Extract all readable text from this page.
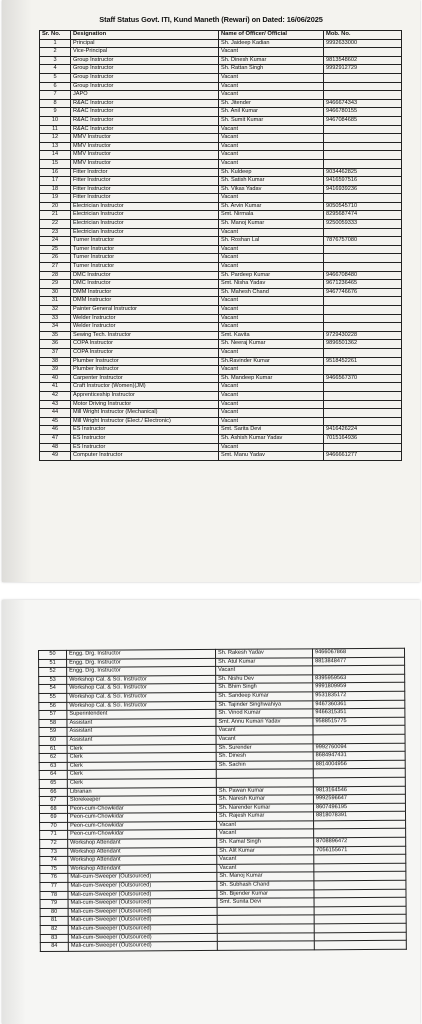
Staff Status Govt. ITI, Kund Maneth (Rewari) on Dated: 16/06/2025
Sr. No.	Designation	Name of Officer/ Official	Mob. No.
1	Principal	Sh. Jaideep Kadian	9992633000
2	Vice-Principal	Vacant	
3	Group Instructor	Sh. Dinesh Kumar	9813548602
4	Group Instructor	Sh. Rattan Singh	9992912729
5	Group Instructor	Vacant	
6	Group Instructor	Vacant	
7	JAPO	Vacant	
8	R&AC Instructor	Sh. Jitender	9466674343
9	R&AC Instructor	Sh. Anil Kumar	9466780155
10	R&AC Instructor	Sh. Sumit Kumar	9467084685
11	R&AC Instructor	Vacant	
12	MMV Instructor	Vacant	
13	MMV Instructor	Vacant	
14	MMV Instructor	Vacant	
15	MMV Instructor	Vacant	
16	Fitter Instrctor	Sh. Kuldeep	9034462825
17	Fitter Instructor	Sh. Satish Kumar	9416597516
18	Fitter Instructor	Sh. Vikas Yadav	9416939236
19	Fitter Instructor	Vacant	
20	Electrician Instructor	Sh. Arvin Kumar	9050545710
21	Electrician Instructor	Smt. Nirmala	8295687474
22	Electrician Instructor	Sh. Manoj Kumar	9250059333
23	Electrician Instructor	Vacant	
24	Turner Instructor	Sh. Roshan Lal	7876757080
25	Turner Instructor	Vacant	
26	Turner Instructor	Vacant	
27	Turner Instructor	Vacant	
28	DMC Instructor	Sh. Pardeep Kumar	9466708480
29	DMC Instructor	Smt. Nisha Yadav	9671236465
30	DMM Instructor	Sh. Mahesh Chand	9467746676
31	DMM Instructor	Vacant	
32	Painter General Instructor	Vacant	
33	Welder Instructor	Vacant	
34	Welder Instructor	Vacant	
35	Sewing Tech. Instructor	Smt. Kavita	9729430228
36	COPA Instructor	Sh. Neeraj Kumar	9896501362
37	COPA Instructor	Vacant	
38	Plumber Instructor	Sh.Ravinder Kumar	9518452261
39	Plumber Instructor	Vacant	
40	Carpenter Instructor	Sh. Mandeep Kumar	9466567370
41	Craft Instructor (Women)(JM)	Vacant	
42	Apprenticeship Instructor	Vacant	
43	Motor Driving Instructor	Vacant	
44	Mill Wright Instructor (Mechanical)	Vacant	
45	Mill Wright Instructor (Elect./ Electronic)	Vacant	
46	ES Instructor	Smt. Sarita Devi	9416426224
47	ES Instructor	Sh. Ashish Kumar Yadav	7015164936
48	ES Instructor	Vacant	
49	Computer Instructor	Smt. Manu Yadav	9466661277
50	Engg. Drg. Instructor	Sh. Rakesh Yadav	9466067868
51	Engg. Drg. Instructor	Sh. Atul Kumar	8813848477
52	Engg. Drg. Instructor	Vacant	
53	Workshop Cal. & Sci. Instructor	Sh. Nishu Dev	8395959563
54	Workshop Cal. & Sci. Instructor	Sh. Bhim Singh	9991809959
55	Workshop Cal. & Sci. Instructor	Sh. Sandeep Kumar	9531835172
56	Workshop Cal. & Sci. Instructor	Sh. Tajinder Singhwahiya	9467360361
57	Superintendent	Sh. Vinod Kumar	9466315351
58	Assistant	Smt. Annu Kumari Yadav	9588515775
59	Assistant	Vacant	
60	Assistant	Vacant	
61	Clerk	Sh. Surender	9992760094
62	Clerk	Sh. Dinesh	8684947431
63	Clerk	Sh. Sachin	8814004956
64	Clerk		
65	Clerk		
66	Librarian	Sh. Pawan Kumar	9813164546
67	Storekeeper	Sh. Naresh Kumar	9992596647
68	Peon-cum-Chowkidar	Sh. Narender Kumar	8607496195
69	Peon-cum-Chowkidar	Sh. Rajesh Kumar	8818078391
70	Peon-cum-Chowkidar	Vacant	
71	Peon-cum-Chowkidar	Vacant	
72	Workshop Attendant	Sh. Kamal Singh	8708896472
73	Workshop Attendant	Sh. Alit Kumar	7056155671
74	Workshop Attendant	Vacant	
75	Workshop Attendant	Vacant	
76	Mali-cum-Sweeper (Outsourced)	Sh. Manoj Kumar	
77	Mali-cum-Sweeper (Outsourced)	Sh. Subhash Chand	
78	Mali-cum-Sweeper (Outsourced)	Sh. Bijender Kumar	
79	Mali-cum-Sweeper (Outsourced)	Smt. Sunita Devi	
80	Mali-cum-Sweeper (Outsourced)		
81	Mali-cum-Sweeper (Outsourced)		
82	Mali-cum-Sweeper (Outsourced)		
83	Mali-cum-Sweeper (Outsourced)		
84	Mali-cum-Sweeper (Outsourced)		
